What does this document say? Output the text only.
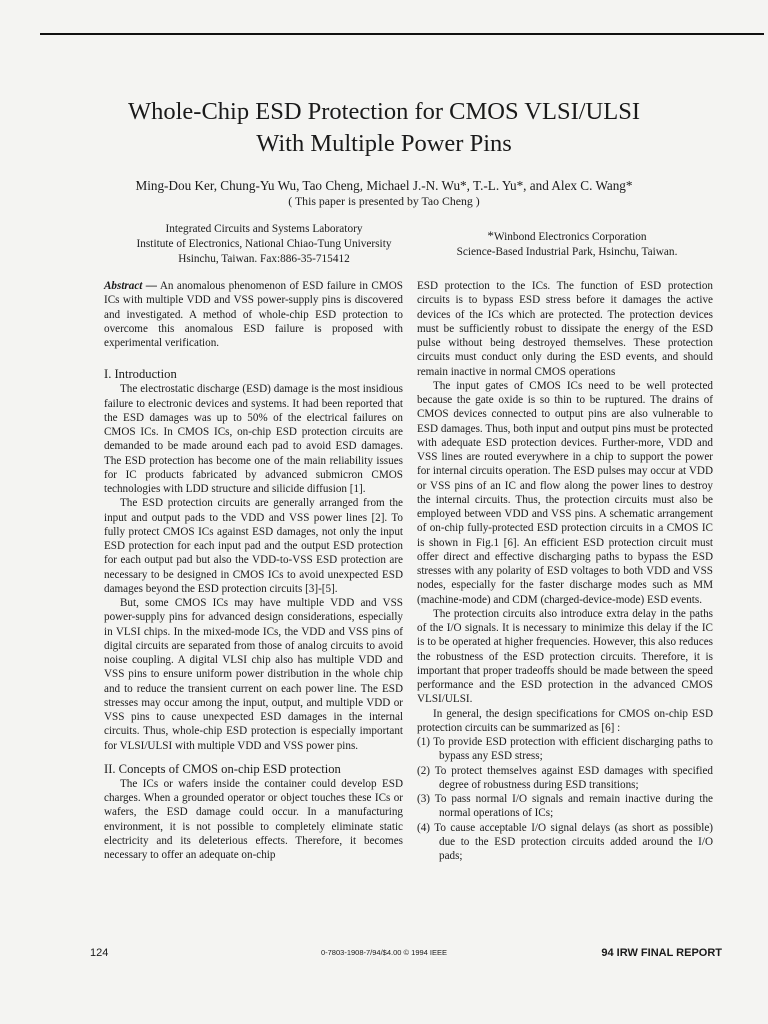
Whole-Chip ESD Protection for CMOS VLSI/ULSI
With Multiple Power Pins
Ming-Dou Ker, Chung-Yu Wu, Tao Cheng, Michael J.-N. Wu*, T.-L. Yu*, and Alex C. Wang*
( This paper is presented by Tao Cheng )
Integrated Circuits and Systems Laboratory
Institute of Electronics, National Chiao-Tung University
Hsinchu, Taiwan. Fax:886-35-715412
*Winbond Electronics Corporation
Science-Based Industrial Park, Hsinchu, Taiwan.

Abstract — An anomalous phenomenon of ESD failure in CMOS ICs with multiple VDD and VSS power-supply pins is discovered and investigated. A method of whole-chip ESD protection to overcome this anomalous ESD failure is proposed with experimental verification.

I. Introduction

The electrostatic discharge (ESD) damage is the most insidious failure to electronic devices and systems. It had been reported that the ESD damages was up to 50% of the electrical failures on CMOS ICs. In CMOS ICs, on-chip ESD protection circuits are demanded to be made around each pad to avoid ESD damages. The ESD protection has become one of the main reliability issues for IC products fabricated by advanced submicron CMOS technologies with LDD structure and silicide diffusion [1].

The ESD protection circuits are generally arranged from the input and output pads to the VDD and VSS power lines [2]. To fully protect CMOS ICs against ESD damages, not only the input ESD protection for each input pad and the output ESD protection for each output pad but also the VDD-to-VSS ESD protection are necessary to be designed in CMOS ICs to avoid unexpected ESD damages beyond the ESD protection circuits [3]-[5].

But, some CMOS ICs may have multiple VDD and VSS power-supply pins for advanced design considerations, especially in VLSI chips. In the mixed-mode ICs, the VDD and VSS pins of digital circuits are separated from those of analog circuits to avoid noise coupling. A digital VLSI chip also has multiple VDD and VSS pins to ensure uniform power distribution in the whole chip and to reduce the transient current on each power line. The ESD stresses may occur among the input, output, and multiple VDD or VSS pins to cause unexpected ESD damages in the internal circuits. Thus, whole-chip ESD protection is especially important for VLSI/ULSI with multiple VDD and VSS power pins.

II. Concepts of CMOS on-chip ESD protection

The ICs or wafers inside the container could develop ESD charges. When a grounded operator or object touches these ICs or wafers, the ESD damage could occur. In a manufacturing environment, it is not possible to completely eliminate static electricity and its deleterious effects. Therefore, it becomes necessary to offer an adequate on-chip

ESD protection to the ICs. The function of ESD protection circuits is to bypass ESD stress before it damages the active devices of the ICs which are protected. The protection devices must be sufficiently robust to dissipate the energy of the ESD pulse without being destroyed themselves. These protection circuits must conduct only during the ESD events, and should remain inactive in normal CMOS operations

The input gates of CMOS ICs need to be well protected because the gate oxide is so thin to be ruptured. The drains of CMOS devices connected to output pins are also vulnerable to ESD damages. Thus, both input and output pins must be protected with adequate ESD protection devices. Further-more, VDD and VSS lines are routed everywhere in a chip to support the power for internal circuits operation. The ESD pulses may occur at VDD or VSS pins of an IC and flow along the power lines to destroy the internal circuits. Thus, the protection circuits must also be employed between VDD and VSS pins. A schematic arrangement of on-chip fully-protected ESD protection circuits in a CMOS IC is shown in Fig.1 [6]. An efficient ESD protection circuit must offer direct and effective discharging paths to bypass the ESD stresses with any polarity of ESD voltages to both VDD and VSS nodes, especially for the faster discharge modes such as MM (machine-mode) and CDM (charged-device-mode) ESD events.

The protection circuits also introduce extra delay in the paths of the I/O signals. It is necessary to minimize this delay if the IC is to be operated at higher frequencies. However, this also reduces the robustness of the ESD protection circuits. Therefore, it is important that proper tradeoffs should be made between the speed performance and the ESD protection in the advanced CMOS VLSI/ULSI.

In general, the design specifications for CMOS on-chip ESD protection circuits can be summarized as [6] :

(1) To provide ESD protection with efficient discharging paths to bypass any ESD stress;
(2) To protect themselves against ESD damages with specified degree of robustness during ESD transitions;
(3) To pass normal I/O signals and remain inactive during the normal operations of ICs;
(4) To cause acceptable I/O signal delays (as short as possible) due to the ESD protection circuits added around the I/O pads;
124	0-7803-1908-7/94/$4.00 © 1994 IEEE	94 IRW FINAL REPORT
